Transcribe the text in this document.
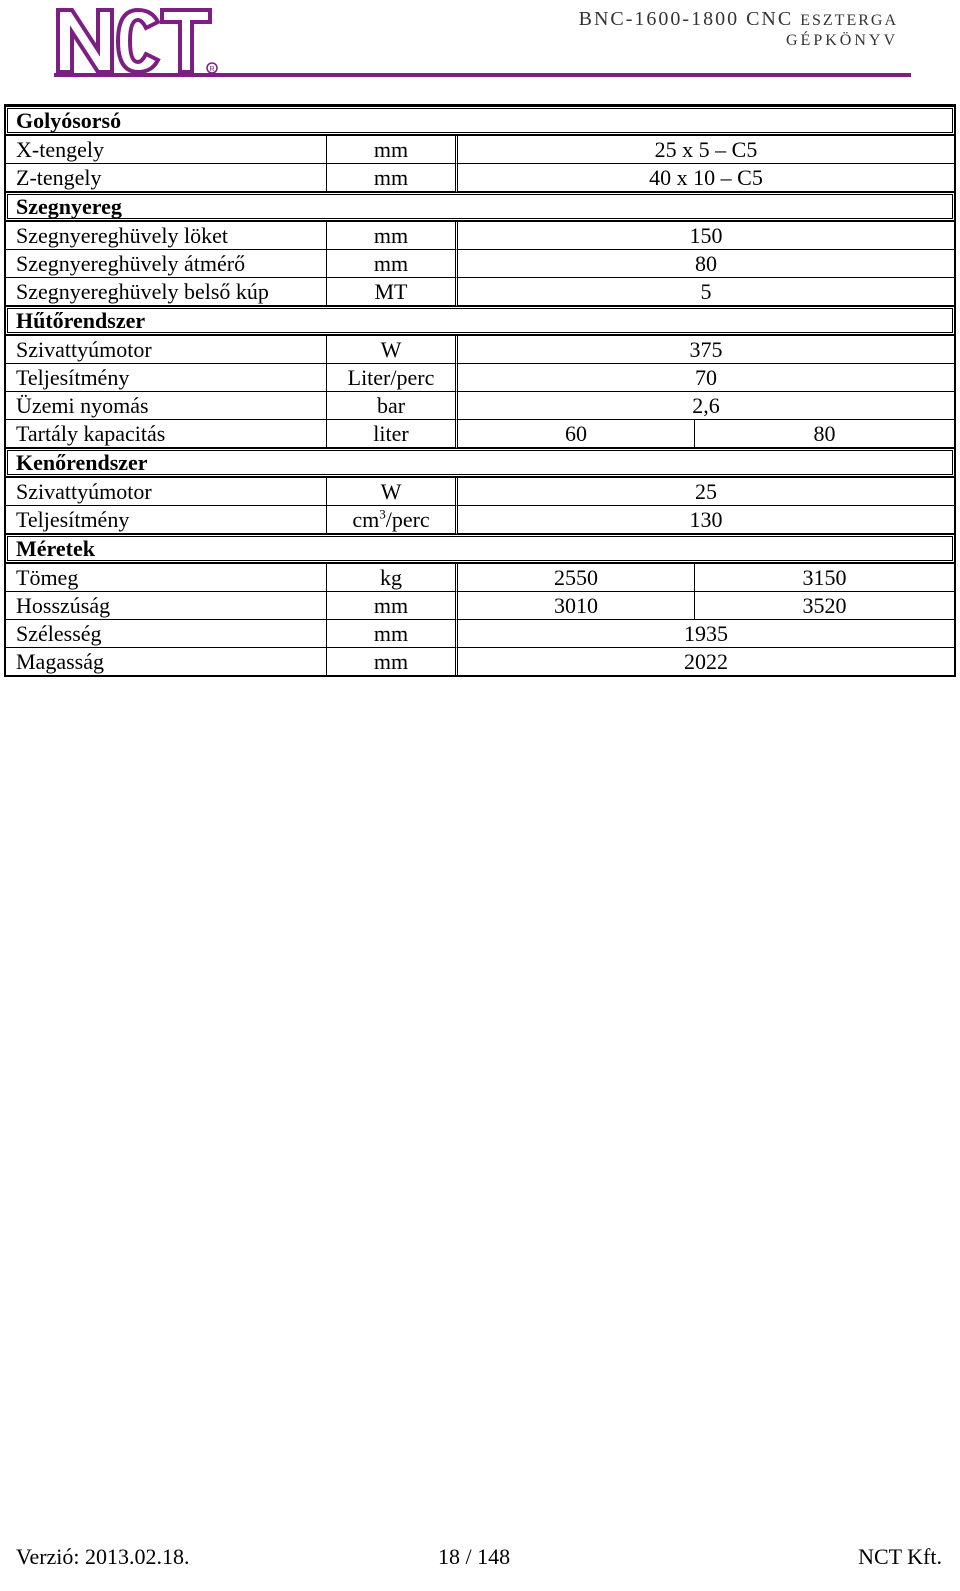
R
BNC-1600-1800 CNC ESZTERGA
GÉPKÖNYV
Golyósorsó			
X-tengely	mm	25 x 5 – C5	
Z-tengely	mm	40 x 10 – C5	
Szegnyereg			
Szegnyereghüvely löket	mm	150	
Szegnyereghüvely átmérő	mm	80	
Szegnyereghüvely belső kúp	MT	5	
Hűtőrendszer			
Szivattyúmotor	W	375	
Teljesítmény	Liter/perc	70	
Üzemi nyomás	bar	2,6	
Tartály kapacitás	liter	60	80
Kenőrendszer			
Szivattyúmotor	W	25	
Teljesítmény	$cm^3$/perc	130	
Méretek			
Tömeg	kg	2550	3150
Hosszúság	mm	3010	3520
Szélesség	mm	1935	
Magasság	mm	2022	
Verzió: 2013.02.18.	18 / 148	NCT Kft.
